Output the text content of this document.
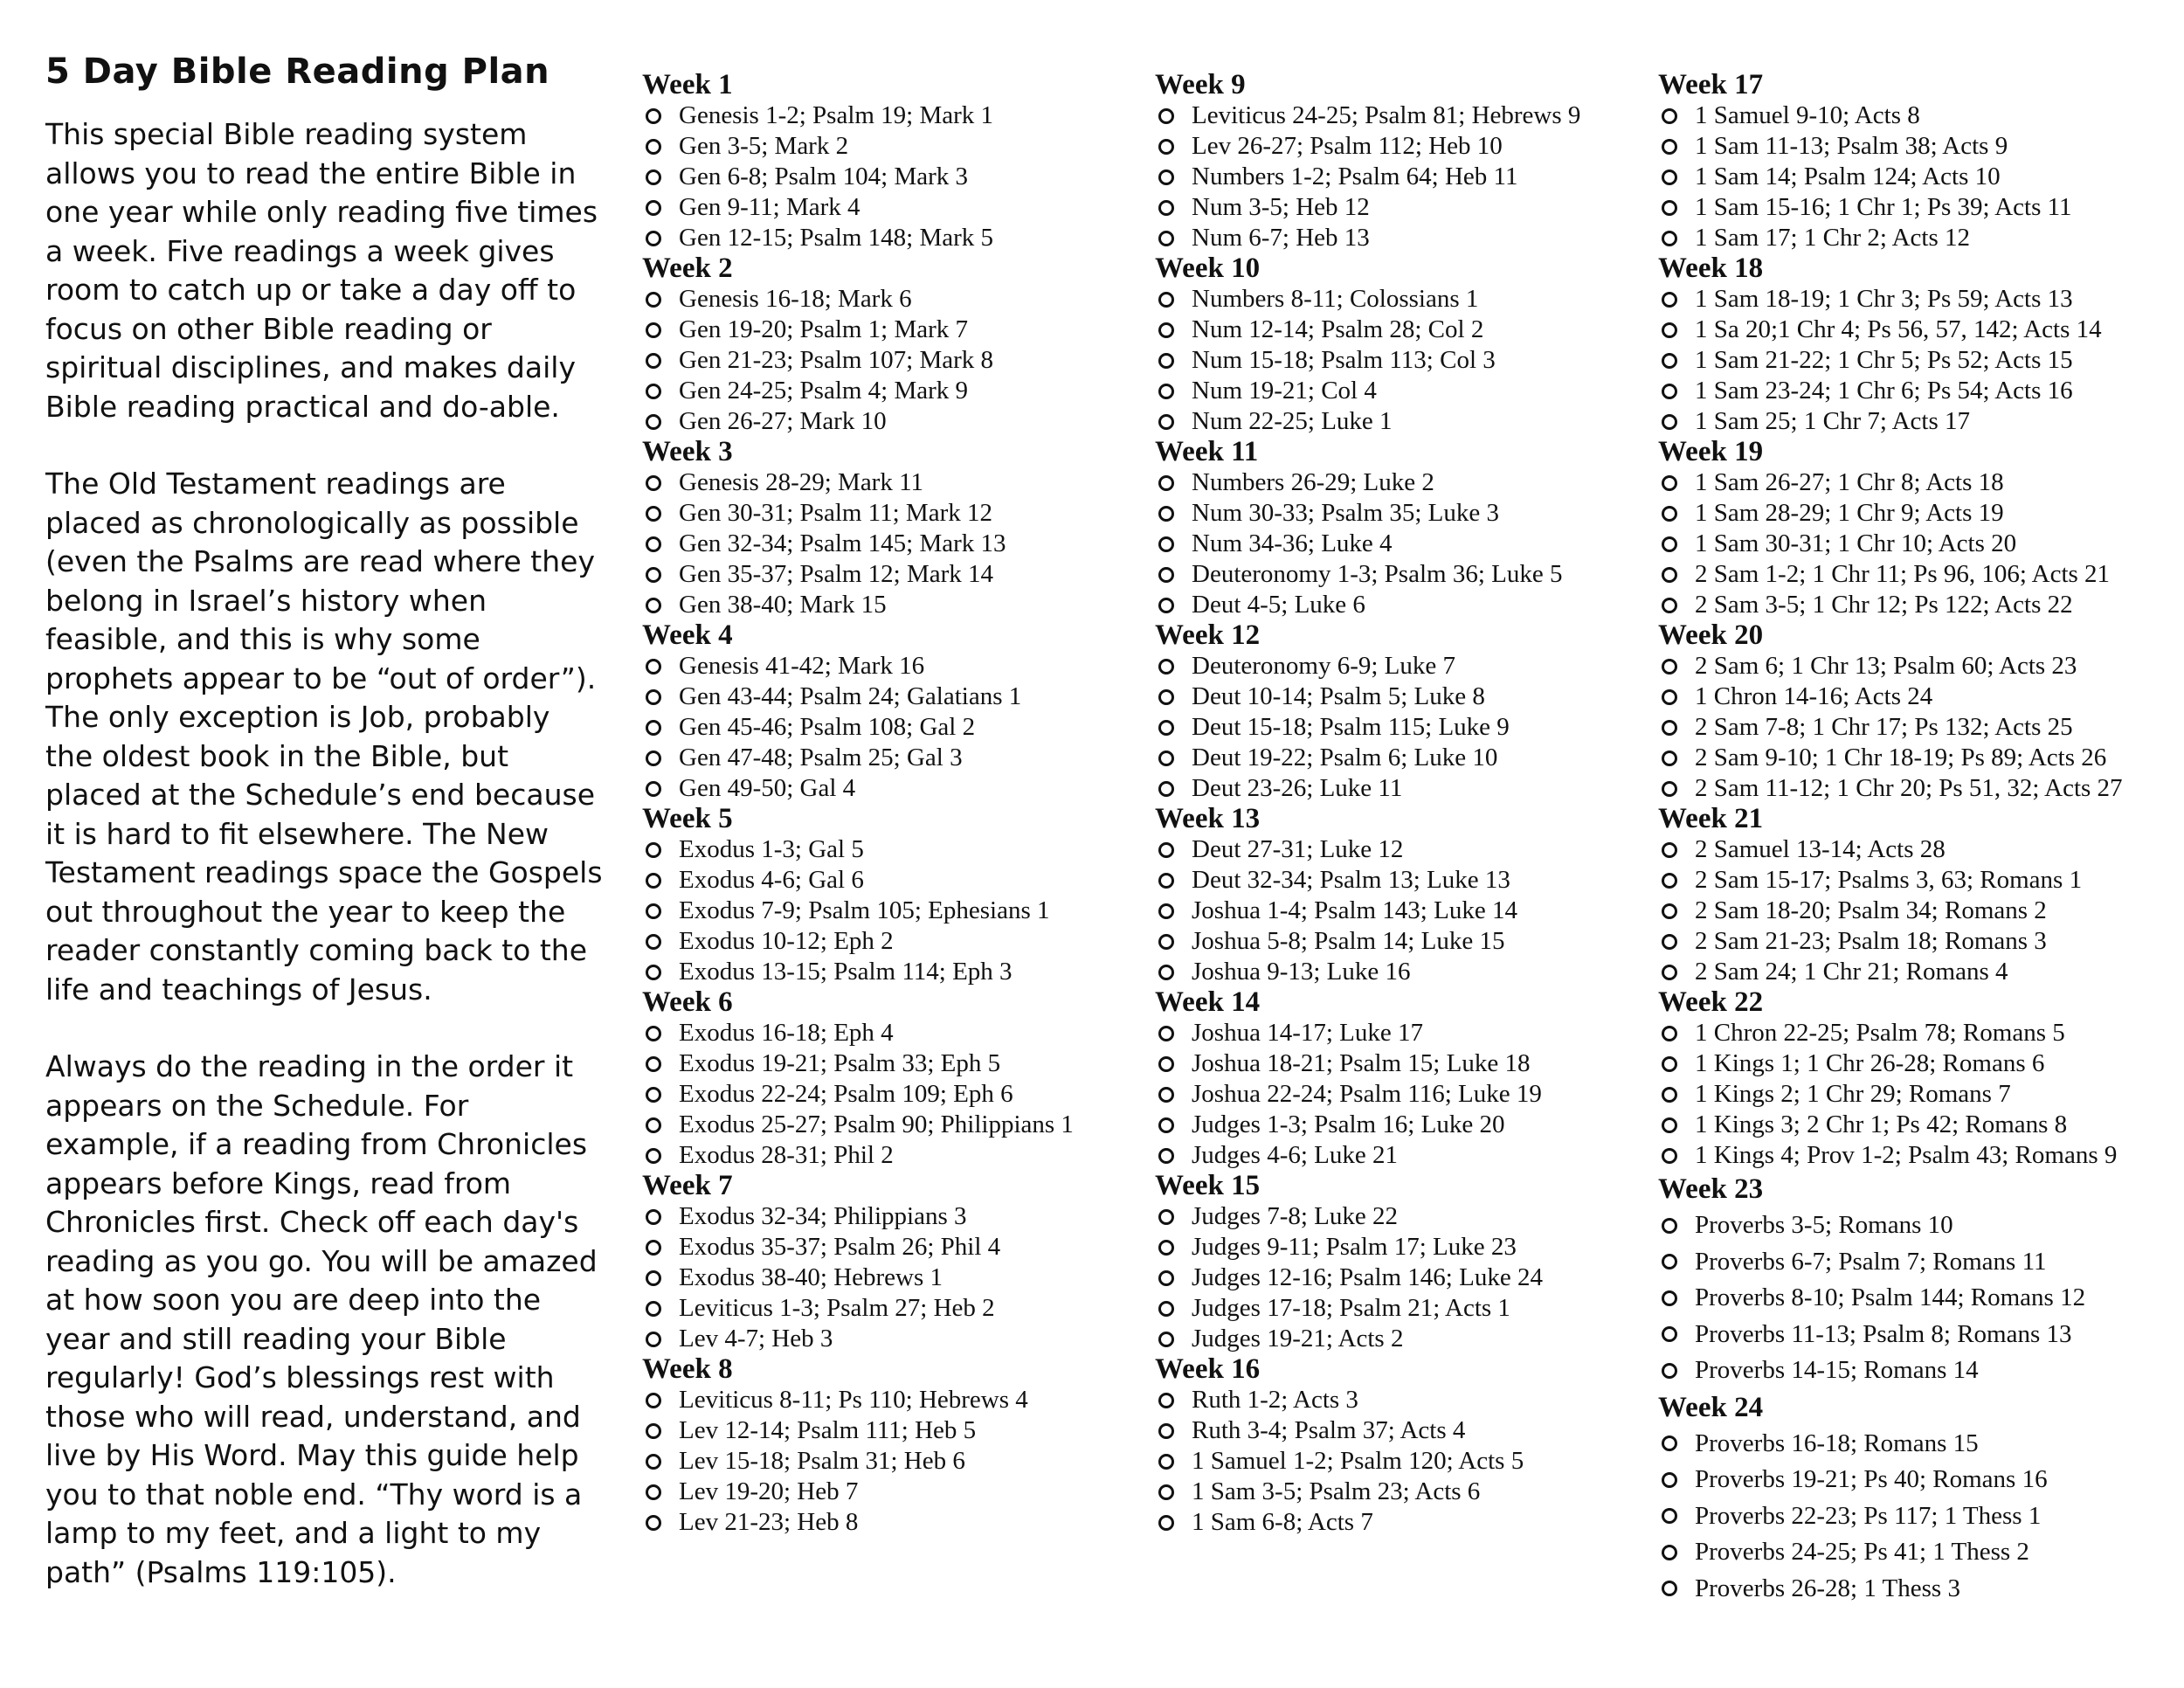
5 Day Bible Reading Plan

This special Bible reading system allows you to read the entire Bible in one year while only reading five times a week. Five readings a week gives room to catch up or take a day off to focus on other Bible reading or spiritual disciplines, and makes daily Bible reading practical and do-able.

The Old Testament readings are placed as chronologically as possible (even the Psalms are read where they belong in Israel’s history when feasible, and this is why some prophets appear to be “out of order”). The only exception is Job, probably the oldest book in the Bible, but placed at the Schedule’s end because it is hard to fit elsewhere. The New Testament readings space the Gospels out throughout the year to keep the reader constantly coming back to the life and teachings of Jesus.

Always do the reading in the order it appears on the Schedule. For example, if a reading from Chronicles appears before Kings, read from Chronicles first. Check off each day's reading as you go. You will be amazed at how soon you are deep into the year and still reading your Bible regularly! God’s blessings rest with those who will read, understand, and live by His Word. May this guide help you to that noble end. “Thy word is a lamp to my feet, and a light to my path” (Psalms 119:105).

Week 1
Genesis 1-2; Psalm 19; Mark 1
Gen 3-5; Mark 2
Gen 6-8; Psalm 104; Mark 3
Gen 9-11; Mark 4
Gen 12-15; Psalm 148; Mark 5
Week 2
Genesis 16-18; Mark 6
Gen 19-20; Psalm 1; Mark 7
Gen 21-23; Psalm 107; Mark 8
Gen 24-25; Psalm 4; Mark 9
Gen 26-27; Mark 10
Week 3
Genesis 28-29; Mark 11
Gen 30-31; Psalm 11; Mark 12
Gen 32-34; Psalm 145; Mark 13
Gen 35-37; Psalm 12; Mark 14
Gen 38-40; Mark 15
Week 4
Genesis 41-42; Mark 16
Gen 43-44; Psalm 24; Galatians 1
Gen 45-46; Psalm 108; Gal 2
Gen 47-48; Psalm 25; Gal 3
Gen 49-50; Gal 4
Week 5
Exodus 1-3; Gal 5
Exodus 4-6; Gal 6
Exodus 7-9; Psalm 105; Ephesians 1
Exodus 10-12; Eph 2
Exodus 13-15; Psalm 114; Eph 3
Week 6
Exodus 16-18; Eph 4
Exodus 19-21; Psalm 33; Eph 5
Exodus 22-24; Psalm 109; Eph 6
Exodus 25-27; Psalm 90; Philippians 1
Exodus 28-31; Phil 2
Week 7
Exodus 32-34; Philippians 3
Exodus 35-37; Psalm 26; Phil 4
Exodus 38-40; Hebrews 1
Leviticus 1-3; Psalm 27; Heb 2
Lev 4-7; Heb 3
Week 8
Leviticus 8-11; Ps 110; Hebrews 4
Lev 12-14; Psalm 111; Heb 5
Lev 15-18; Psalm 31; Heb 6
Lev 19-20; Heb 7
Lev 21-23; Heb 8
Week 9
Leviticus 24-25; Psalm 81; Hebrews 9
Lev 26-27; Psalm 112; Heb 10
Numbers 1-2; Psalm 64; Heb 11
Num 3-5; Heb 12
Num 6-7; Heb 13
Week 10
Numbers 8-11; Colossians 1
Num 12-14; Psalm 28; Col 2
Num 15-18; Psalm 113; Col 3
Num 19-21; Col 4
Num 22-25; Luke 1
Week 11
Numbers 26-29; Luke 2
Num 30-33; Psalm 35; Luke 3
Num 34-36; Luke 4
Deuteronomy 1-3; Psalm 36; Luke 5
Deut 4-5; Luke 6
Week 12
Deuteronomy 6-9; Luke 7
Deut 10-14; Psalm 5; Luke 8
Deut 15-18; Psalm 115; Luke 9
Deut 19-22; Psalm 6; Luke 10
Deut 23-26; Luke 11
Week 13
Deut 27-31; Luke 12
Deut 32-34; Psalm 13; Luke 13
Joshua 1-4; Psalm 143; Luke 14
Joshua 5-8; Psalm 14; Luke 15
Joshua 9-13; Luke 16
Week 14
Joshua 14-17; Luke 17
Joshua 18-21; Psalm 15; Luke 18
Joshua 22-24; Psalm 116; Luke 19
Judges 1-3; Psalm 16; Luke 20
Judges 4-6; Luke 21
Week 15
Judges 7-8; Luke 22
Judges 9-11; Psalm 17; Luke 23
Judges 12-16; Psalm 146; Luke 24
Judges 17-18; Psalm 21; Acts 1
Judges 19-21; Acts 2
Week 16
Ruth 1-2; Acts 3
Ruth 3-4; Psalm 37; Acts 4
1 Samuel 1-2; Psalm 120; Acts 5
1 Sam 3-5; Psalm 23; Acts 6
1 Sam 6-8; Acts 7
Week 17
1 Samuel 9-10; Acts 8
1 Sam 11-13; Psalm 38; Acts 9
1 Sam 14; Psalm 124; Acts 10
1 Sam 15-16; 1 Chr 1; Ps 39; Acts 11
1 Sam 17; 1 Chr 2; Acts 12
Week 18
1 Sam 18-19; 1 Chr 3; Ps 59; Acts 13
1 Sa 20;1 Chr 4; Ps 56, 57, 142; Acts 14
1 Sam 21-22; 1 Chr 5; Ps 52; Acts 15
1 Sam 23-24; 1 Chr 6; Ps 54; Acts 16
1 Sam 25; 1 Chr 7; Acts 17
Week 19
1 Sam 26-27; 1 Chr 8; Acts 18
1 Sam 28-29; 1 Chr 9; Acts 19
1 Sam 30-31; 1 Chr 10; Acts 20
2 Sam 1-2; 1 Chr 11; Ps 96, 106; Acts 21
2 Sam 3-5; 1 Chr 12; Ps 122; Acts 22
Week 20
2 Sam 6; 1 Chr 13; Psalm 60; Acts 23
1 Chron 14-16; Acts 24
2 Sam 7-8; 1 Chr 17; Ps 132; Acts 25
2 Sam 9-10; 1 Chr 18-19; Ps 89; Acts 26
2 Sam 11-12; 1 Chr 20; Ps 51, 32; Acts 27
Week 21
2 Samuel 13-14; Acts 28
2 Sam 15-17; Psalms 3, 63; Romans 1
2 Sam 18-20; Psalm 34; Romans 2
2 Sam 21-23; Psalm 18; Romans 3
2 Sam 24; 1 Chr 21; Romans 4
Week 22
1 Chron 22-25; Psalm 78; Romans 5
1 Kings 1; 1 Chr 26-28; Romans 6
1 Kings 2; 1 Chr 29; Romans 7
1 Kings 3; 2 Chr 1; Ps 42; Romans 8
1 Kings 4; Prov 1-2; Psalm 43; Romans 9
Week 23
Proverbs 3-5; Romans 10
Proverbs 6-7; Psalm 7; Romans 11
Proverbs 8-10; Psalm 144; Romans 12
Proverbs 11-13; Psalm 8; Romans 13
Proverbs 14-15; Romans 14
Week 24
Proverbs 16-18; Romans 15
Proverbs 19-21; Ps 40; Romans 16
Proverbs 22-23; Ps 117; 1 Thess 1
Proverbs 24-25; Ps 41; 1 Thess 2
Proverbs 26-28; 1 Thess 3
